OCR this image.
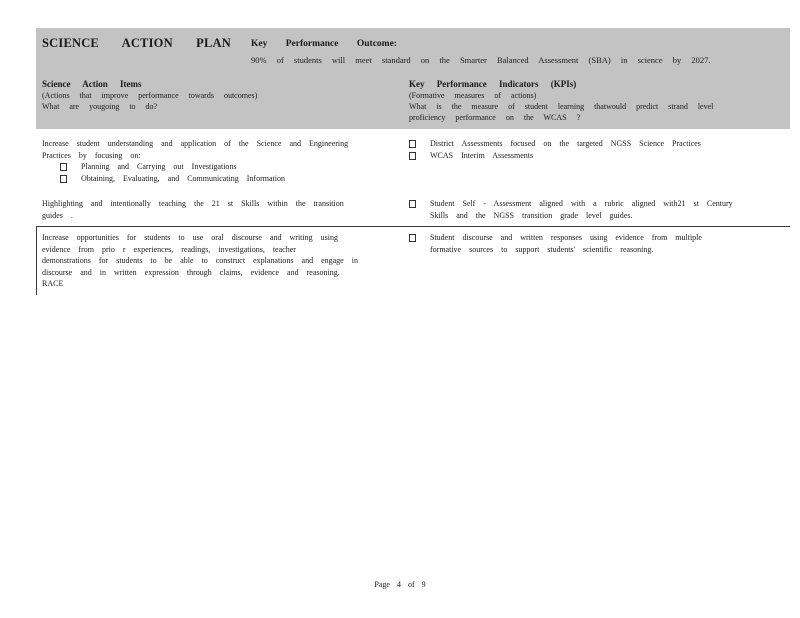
SCIENCE ACTION PLAN Key Performance Outcome:
90% of students will meet standard on the Smarter Balanced Assessment (SBA) in science by 2027.
Science Action Items
(Actions that improve performance towards outcomes)
What are yougoing to do?
Key Performance Indicators (KPIs)
(Formative measures of actions)
What is the measure of student learning thatwould predict strand level
proficiency performance on the WCAS ?
Increase student understanding and application of the Science and Engineering
Practices by focusing on:
Planning and Carrying out Investigations
Obtaining, Evaluating, and Communicating Information
District Assessments focused on the targeted NGSS Science Practices
WCAS Interim Assessments
Highlighting and intentionally teaching the 21 st Skills within the transition
guides .
Student Self - Assessment aligned with a rubric aligned with21 st Century
Skills and the NGSS transition grade level guides.
Increase opportunities for students to use oral discourse and writing using
evidence from prio r experiences, readings, investigations, teacher
demonstrations for students to be able to construct explanations and engage in
discourse and in written expression through claims, evidence and reasoning.
RACE
Student discourse and written responses using evidence from multiple
formative sources to support students' scientific reasoning.
Page 4 of 9
